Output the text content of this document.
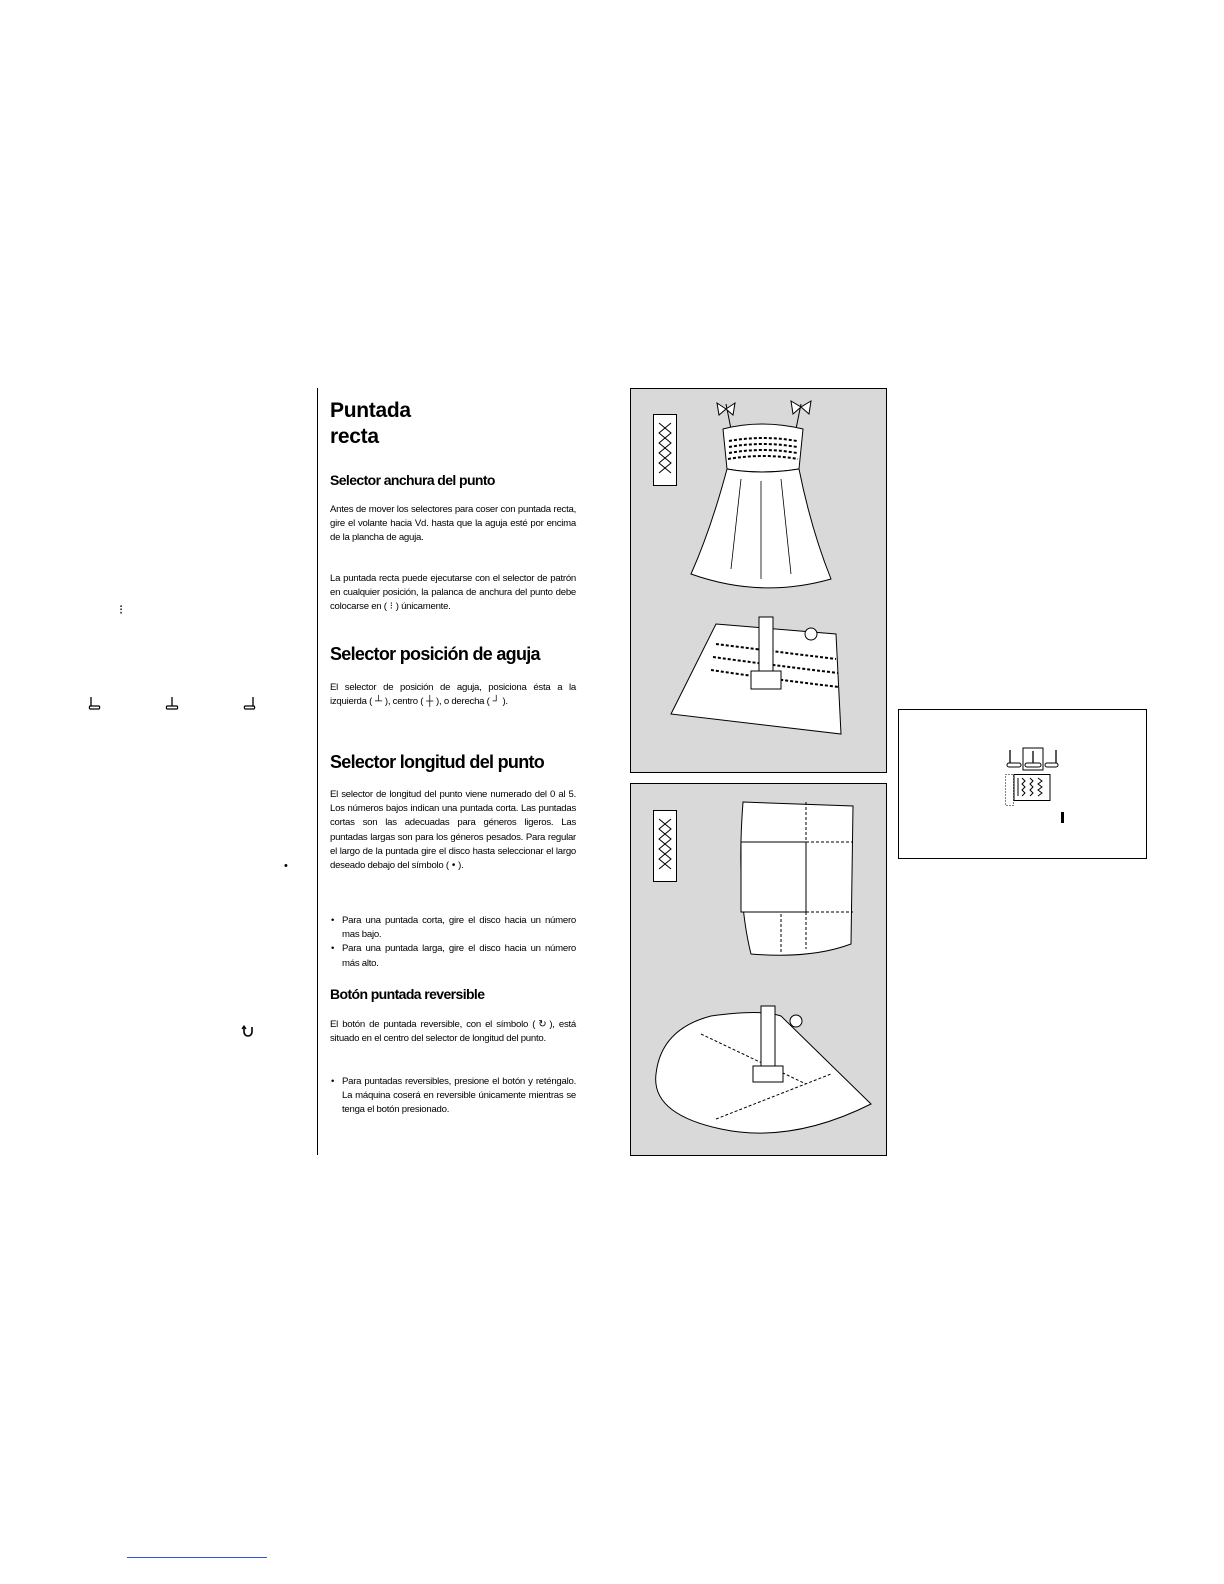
⁝
•
Puntada
recta
Selector anchura del punto

Antes de mover los selectores para coser con puntada recta, gire el volante hacia Vd. hasta que la aguja esté por encima de la plancha de aguja.

La puntada recta puede ejecutarse con el selector de patrón en cualquier posición, la palanca de anchura del punto debe colocarse en ( ⁝ ) únicamente.

Selector posición de aguja

El selector de posición de aguja, posiciona ésta a la izquierda ( ┴ ), centro ( ┼ ), o derecha ( ┘ ).

Selector longitud del punto

El selector de longitud del punto viene numerado del 0 al 5. Los números bajos indican una puntada corta. Las puntadas cortas son las adecuadas para géneros ligeros. Las puntadas largas son para los géneros pesados. Para regular el largo de la puntada gire el disco hasta seleccionar el largo deseado debajo del símbolo ( • ).

• Para una puntada corta, gire el disco hacia un número mas bajo.
• Para una puntada larga, gire el disco hacia un número más alto.
Botón puntada reversible

El botón de puntada reversible, con el símbolo ( ↻ ), está situado en el centro del selector de longitud del punto.

• Para puntadas reversibles, presione el botón y reténgalo. La máquina coserá en reversible únicamente mientras se tenga el botón presionado.
